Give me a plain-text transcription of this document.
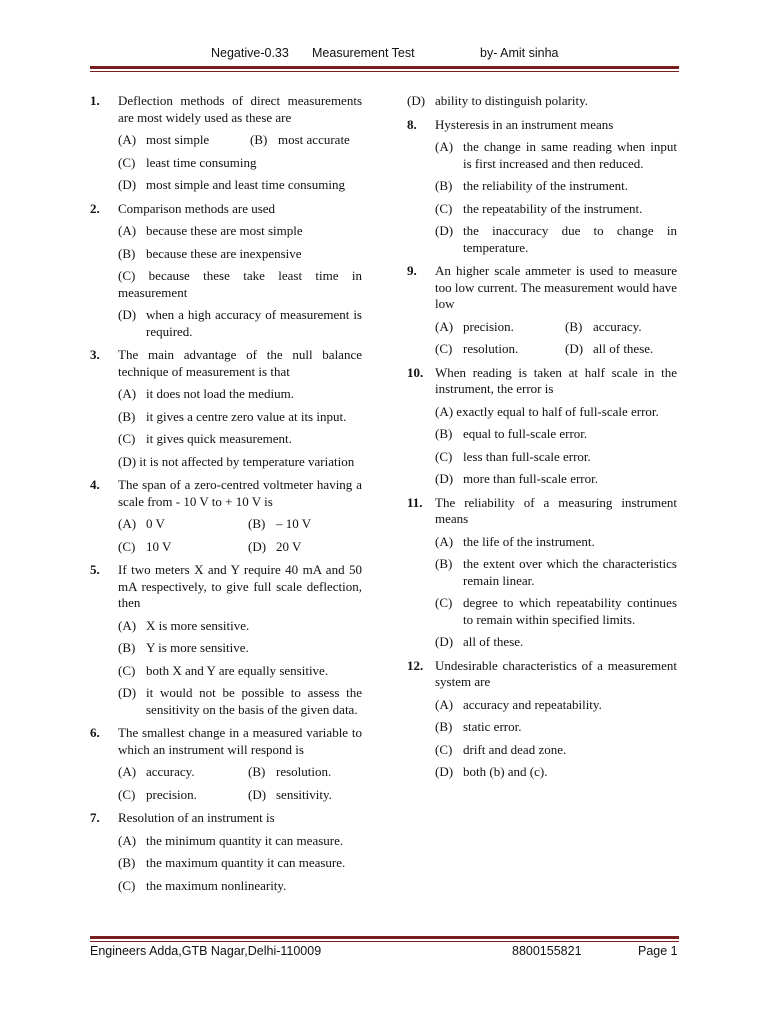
Negative-0.33 Measurement Test	by- Amit sinha
1. Deflection methods of direct measurements are most widely used as these are
(A) most simple	(B) most accurate
(C) least time consuming
(D) most simple and least time consuming
2. Comparison methods are used
(A) because these are most simple
(B) because these are inexpensive
(C) because these take least time in measurement
(D) when a high accuracy of measurement is required.
3. The main advantage of the null balance technique of measurement is that
(A) it does not load the medium.
(B) it gives a centre zero value at its input.
(C) it gives quick measurement.
(D) it is not affected by temperature variation
4. The span of a zero-centred voltmeter having a scale from - 10 V to + 10 V is
(A) 0 V	(B) – 10 V
(C) 10 V	(D) 20 V
5. If two meters X and Y require 40 mA and 50 mA respectively, to give full scale deflection, then
(A) X is more sensitive.
(B) Y is more sensitive.
(C) both X and Y are equally sensitive.
(D) it would not be possible to assess the sensitivity on the basis of the given data.
6. The smallest change in a measured variable to which an instrument will respond is
(A) accuracy.	(B) resolution.
(C) precision.	(D) sensitivity.
7. Resolution of an instrument is
(A) the minimum quantity it can measure.
(B) the maximum quantity it can measure.
(C) the maximum nonlinearity.
(D) ability to distinguish polarity.
8. Hysteresis in an instrument means
(A) the change in same reading when input is first increased and then reduced.
(B) the reliability of the instrument.
(C) the repeatability of the instrument.
(D) the inaccuracy due to change in temperature.
9. An higher scale ammeter is used to measure too low current. The measurement would have low
(A) precision.	(B) accuracy.
(C) resolution.	(D) all of these.
10. When reading is taken at half scale in the instrument, the error is
(A) exactly equal to half of full-scale error.
(B) equal to full-scale error.
(C) less than full-scale error.
(D) more than full-scale error.
11. The reliability of a measuring instrument means
(A) the life of the instrument.
(B) the extent over which the characteristics remain linear.
(C) degree to which repeatability continues to remain within specified limits.
(D) all of these.
12. Undesirable characteristics of a measurement system are
(A) accuracy and repeatability.
(B) static error.
(C) drift and dead zone.
(D) both (b) and (c).
Engineers Adda,GTB Nagar,Delhi-110009	8800155821	Page 1
